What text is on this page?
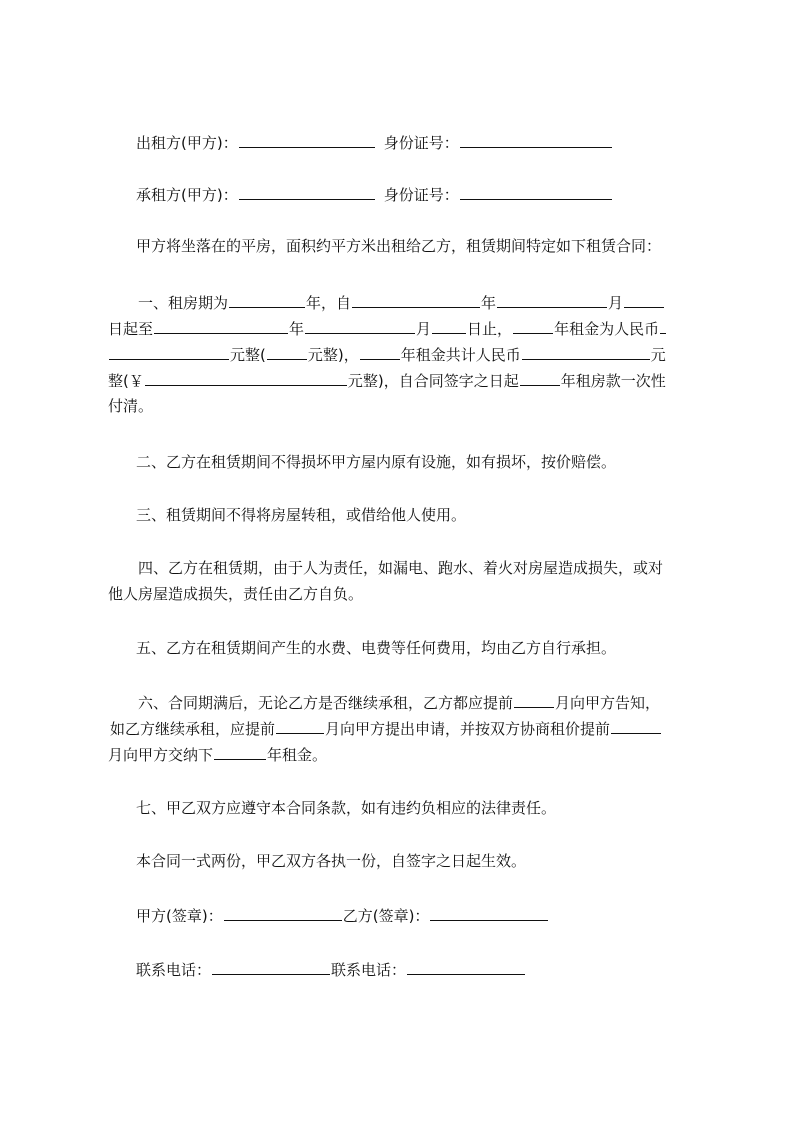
出租方(甲方)：	身份证号：
承租方(甲方)：	身份证号：
甲方将坐落在的平房，面积约平方米出租给乙方，租赁期间特定如下租赁合同：
一、租房期为	年，自	年	月
日起至	年	月 日止，	年租金为人民币
元整(	元整)，	年租金共计人民币	元
整(￥	元整)，自合同签字之日起	年租房款一次性
付清。
二、乙方在租赁期间不得损坏甲方屋内原有设施，如有损坏，按价赔偿。
三、租赁期间不得将房屋转租，或借给他人使用。
四、乙方在租赁期，由于人为责任，如漏电、跑水、着火对房屋造成损失，或对
他人房屋造成损失，责任由乙方自负。
五、乙方在租赁期间产生的水费、电费等任何费用，均由乙方自行承担。
六、合同期满后，无论乙方是否继续承租，乙方都应提前	月向甲方告知，
如乙方继续承租，应提前	月向甲方提出申请，并按双方协商租价提前
月向甲方交纳下	年租金。
七、甲乙双方应遵守本合同条款，如有违约负相应的法律责任。
本合同一式两份，甲乙双方各执一份，自签字之日起生效。
甲方(签章)：	乙方(签章)：
联系电话：	联系电话：
